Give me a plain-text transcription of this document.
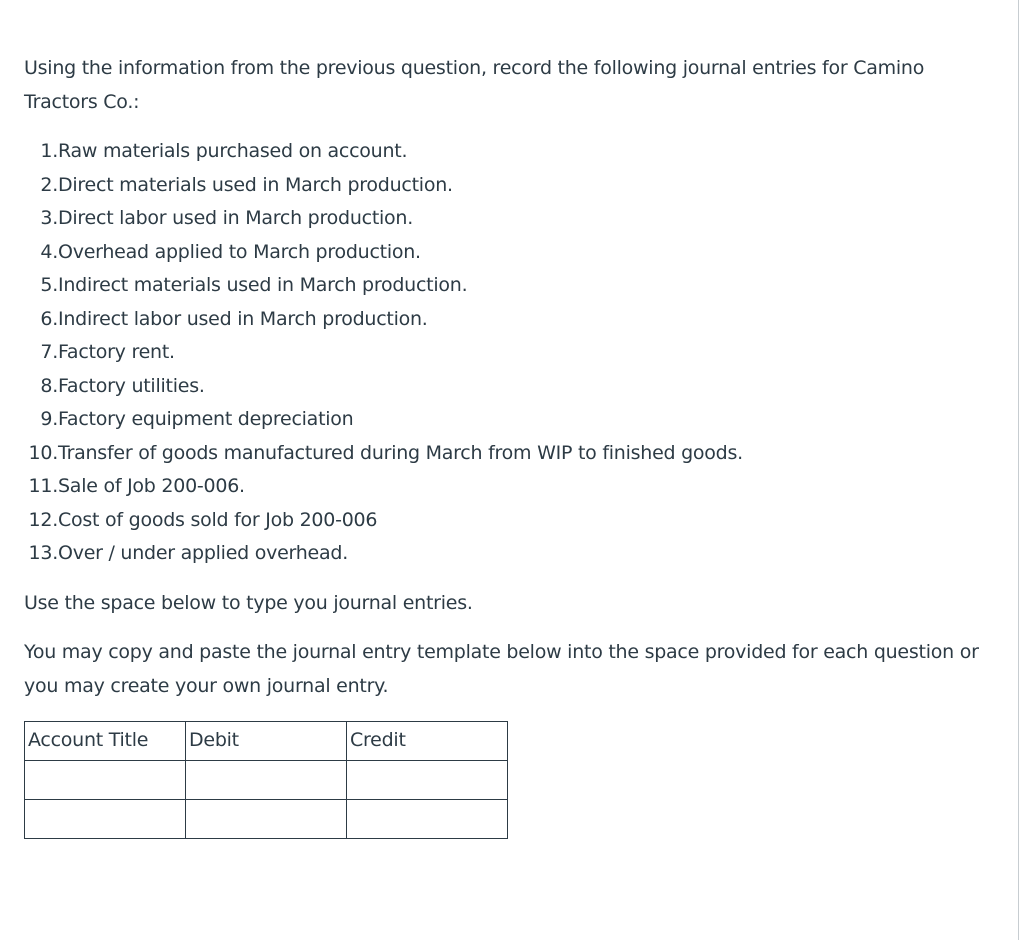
Using the information from the previous question, record the following journal entries for Camino Tractors Co.:

1. Raw materials purchased on account.
2. Direct materials used in March production.
3. Direct labor used in March production.
4. Overhead applied to March production.
5. Indirect materials used in March production.
6. Indirect labor used in March production.
7. Factory rent.
8. Factory utilities.
9. Factory equipment depreciation
10. Transfer of goods manufactured during March from WIP to finished goods.
11. Sale of Job 200-006.
12. Cost of goods sold for Job 200-006
13. Over / under applied overhead.

Use the space below to type you journal entries.

You may copy and paste the journal entry template below into the space provided for each question or you may create your own journal entry.

Account Title	Debit	Credit
